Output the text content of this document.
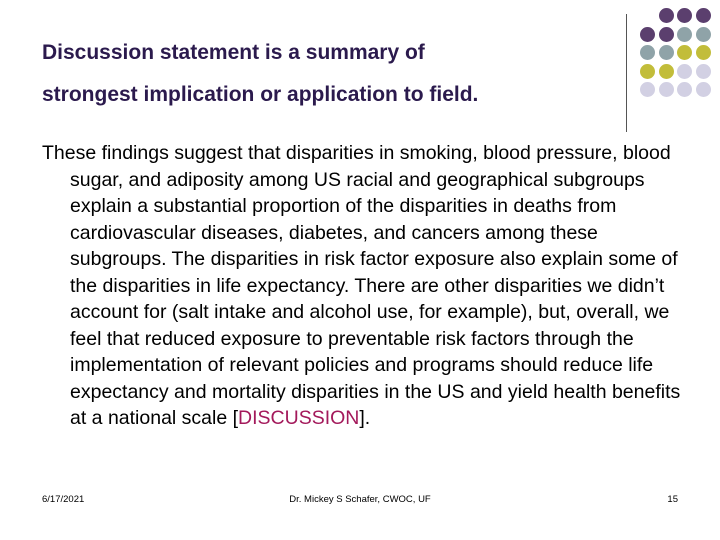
Discussion statement is a summary of
strongest implication or application to field.
These findings suggest that disparities in smoking, blood pressure, blood sugar, and adiposity among US racial and geographical subgroups explain a substantial proportion of the disparities in deaths from cardiovascular diseases, diabetes, and cancers among these subgroups. The disparities in risk factor exposure also explain some of the disparities in life expectancy. There are other disparities we didn’t account for (salt intake and alcohol use, for example), but, overall, we feel that reduced exposure to preventable risk factors through the implementation of relevant policies and programs should reduce life expectancy and mortality disparities in the US and yield health benefits at a national scale [DISCUSSION].
6/17/2021	Dr. Mickey S Schafer, CWOC, UF	15
